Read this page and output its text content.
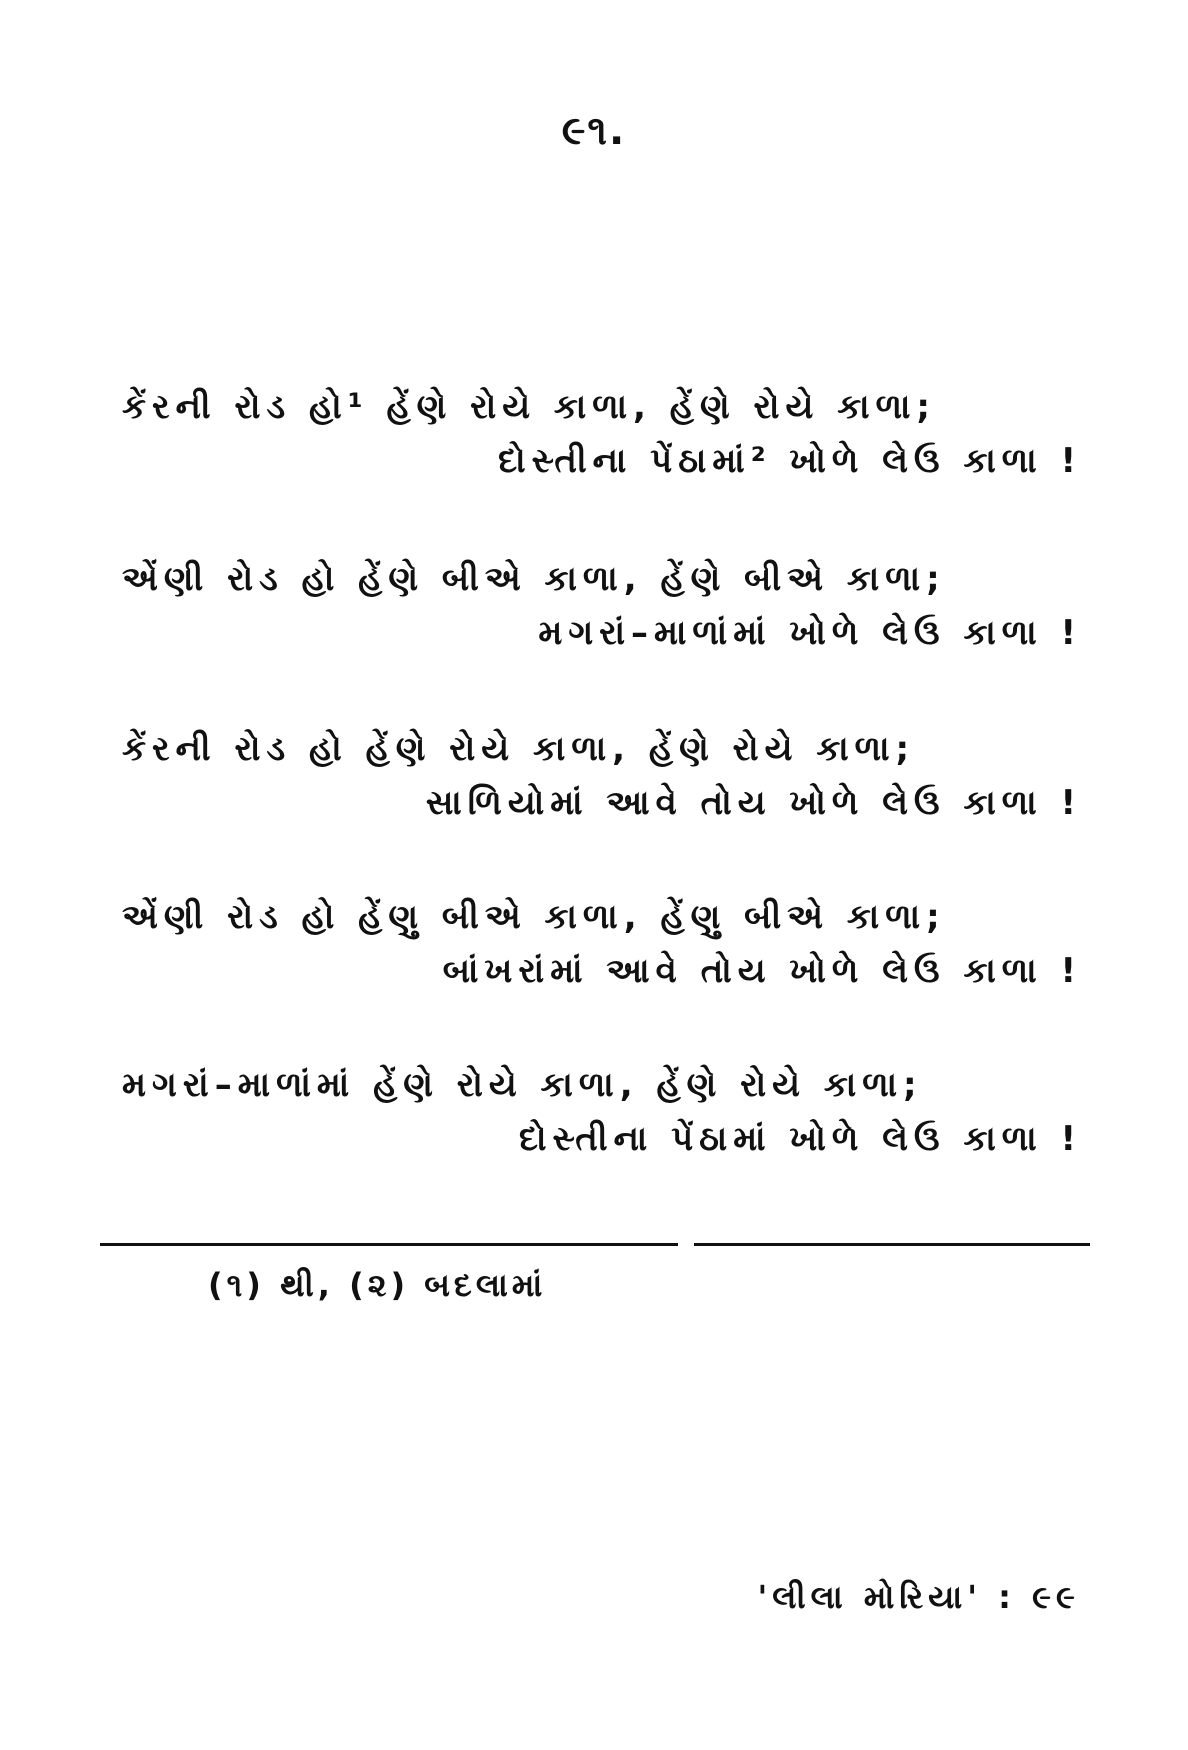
૯૧.
કેંરની રોડ હો¹ હેંણે રોયે કાળા, હેંણે રોયે કાળા;
દોસ્તીના પેંઠામાં² ખોળે લેઉ કાળા !
એંણી રોડ હો હેંણે બીએ કાળા, હેંણે બીએ કાળા;
મગરાં–માળાંમાં ખોળે લેઉ કાળા !
કેંરની રોડ હો હેંણે રોયે કાળા, હેંણે રોયે કાળા;
સાળિયોમાં આવે તોય ખોળે લેઉ કાળા !
એંણી રોડ હો હેંણુ બીએ કાળા, હેંણુ બીએ કાળા;
બાંખરાંમાં આવે તોય ખોળે લેઉ કાળા !
મગરાં–માળાંમાં હેંણે રોયે કાળા, હેંણે રોયે કાળા;
દોસ્તીના પેંઠામાં ખોળે લેઉ કાળા !
(૧) થી, (૨) બદલામાં
'લીલા મોરિયા' : ૯૯
